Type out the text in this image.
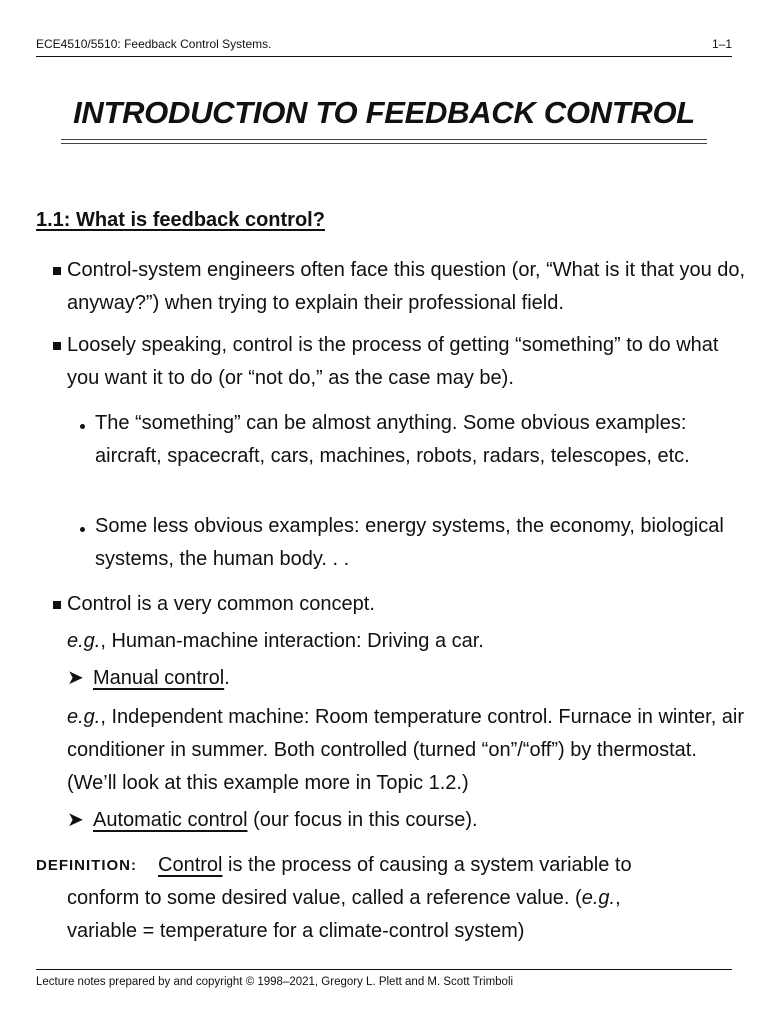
ECE4510/5510: Feedback Control Systems.	1–1
INTRODUCTION TO FEEDBACK CONTROL
1.1: What is feedback control?
Control-system engineers often face this question (or, “What is it that you do, anyway?”) when trying to explain their professional field.
Loosely speaking, control is the process of getting “something” to do what you want it to do (or “not do,” as the case may be).
The “something” can be almost anything. Some obvious examples: aircraft, spacecraft, cars, machines, robots, radars, telescopes, etc.
Some less obvious examples: energy systems, the economy, biological systems, the human body. . .
Control is a very common concept.
e.g., Human-machine interaction: Driving a car.
➤ Manual control.
e.g., Independent machine: Room temperature control. Furnace in winter, air conditioner in summer. Both controlled (turned “on”/“off”) by thermostat. (We’ll look at this example more in Topic 1.2.)
➤ Automatic control (our focus in this course).
DEFINITION: Control is the process of causing a system variable to
conform to some desired value, called a reference value. (e.g.,
variable = temperature for a climate-control system)
Lecture notes prepared by and copyright © 1998–2021, Gregory L. Plett and M. Scott Trimboli
